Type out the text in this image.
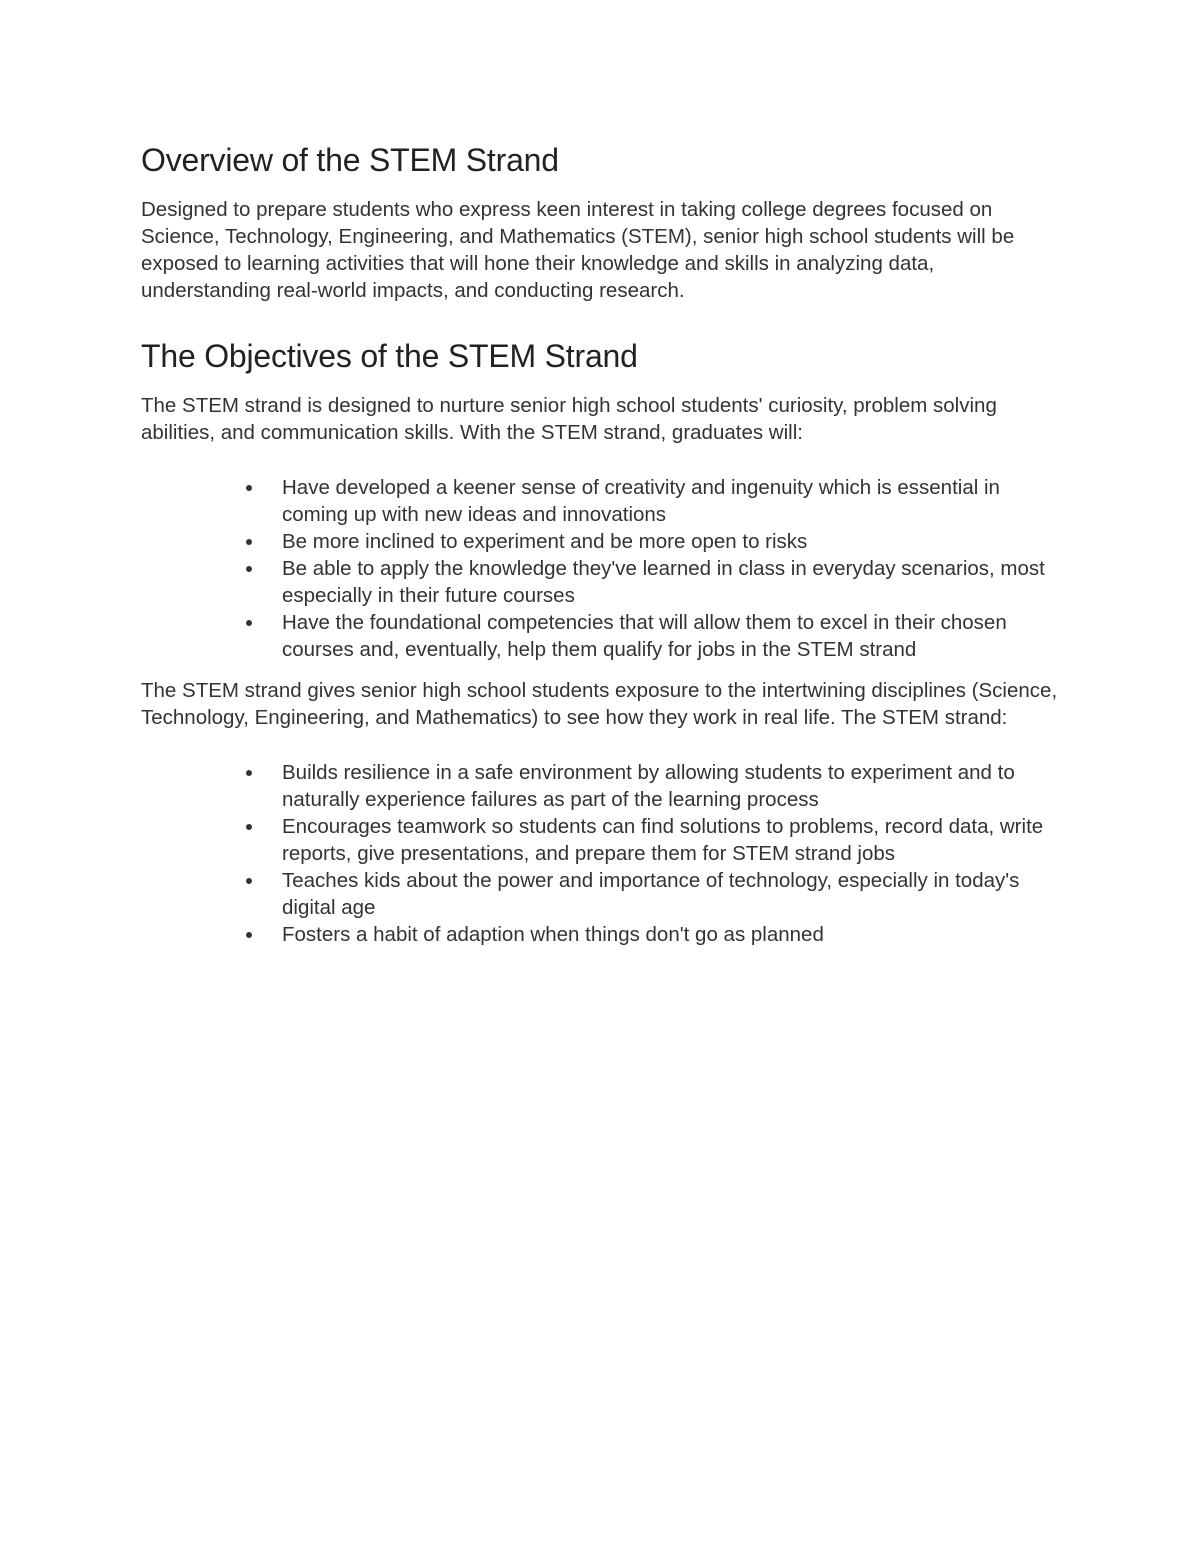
Overview of the STEM Strand

Designed to prepare students who express keen interest in taking college degrees focused on Science, Technology, Engineering, and Mathematics (STEM), senior high school students will be exposed to learning activities that will hone their knowledge and skills in analyzing data, understanding real-world impacts, and conducting research.

The Objectives of the STEM Strand

The STEM strand is designed to nurture senior high school students' curiosity, problem solving abilities, and communication skills. With the STEM strand, graduates will:

Have developed a keener sense of creativity and ingenuity which is essential in coming up with new ideas and innovations
Be more inclined to experiment and be more open to risks
Be able to apply the knowledge they've learned in class in everyday scenarios, most especially in their future courses
Have the foundational competencies that will allow them to excel in their chosen courses and, eventually, help them qualify for jobs in the STEM strand

The STEM strand gives senior high school students exposure to the intertwining disciplines (Science, Technology, Engineering, and Mathematics) to see how they work in real life. The STEM strand:

Builds resilience in a safe environment by allowing students to experiment and to naturally experience failures as part of the learning process
Encourages teamwork so students can find solutions to problems, record data, write reports, give presentations, and prepare them for STEM strand jobs
Teaches kids about the power and importance of technology, especially in today's digital age
Fosters a habit of adaption when things don't go as planned
